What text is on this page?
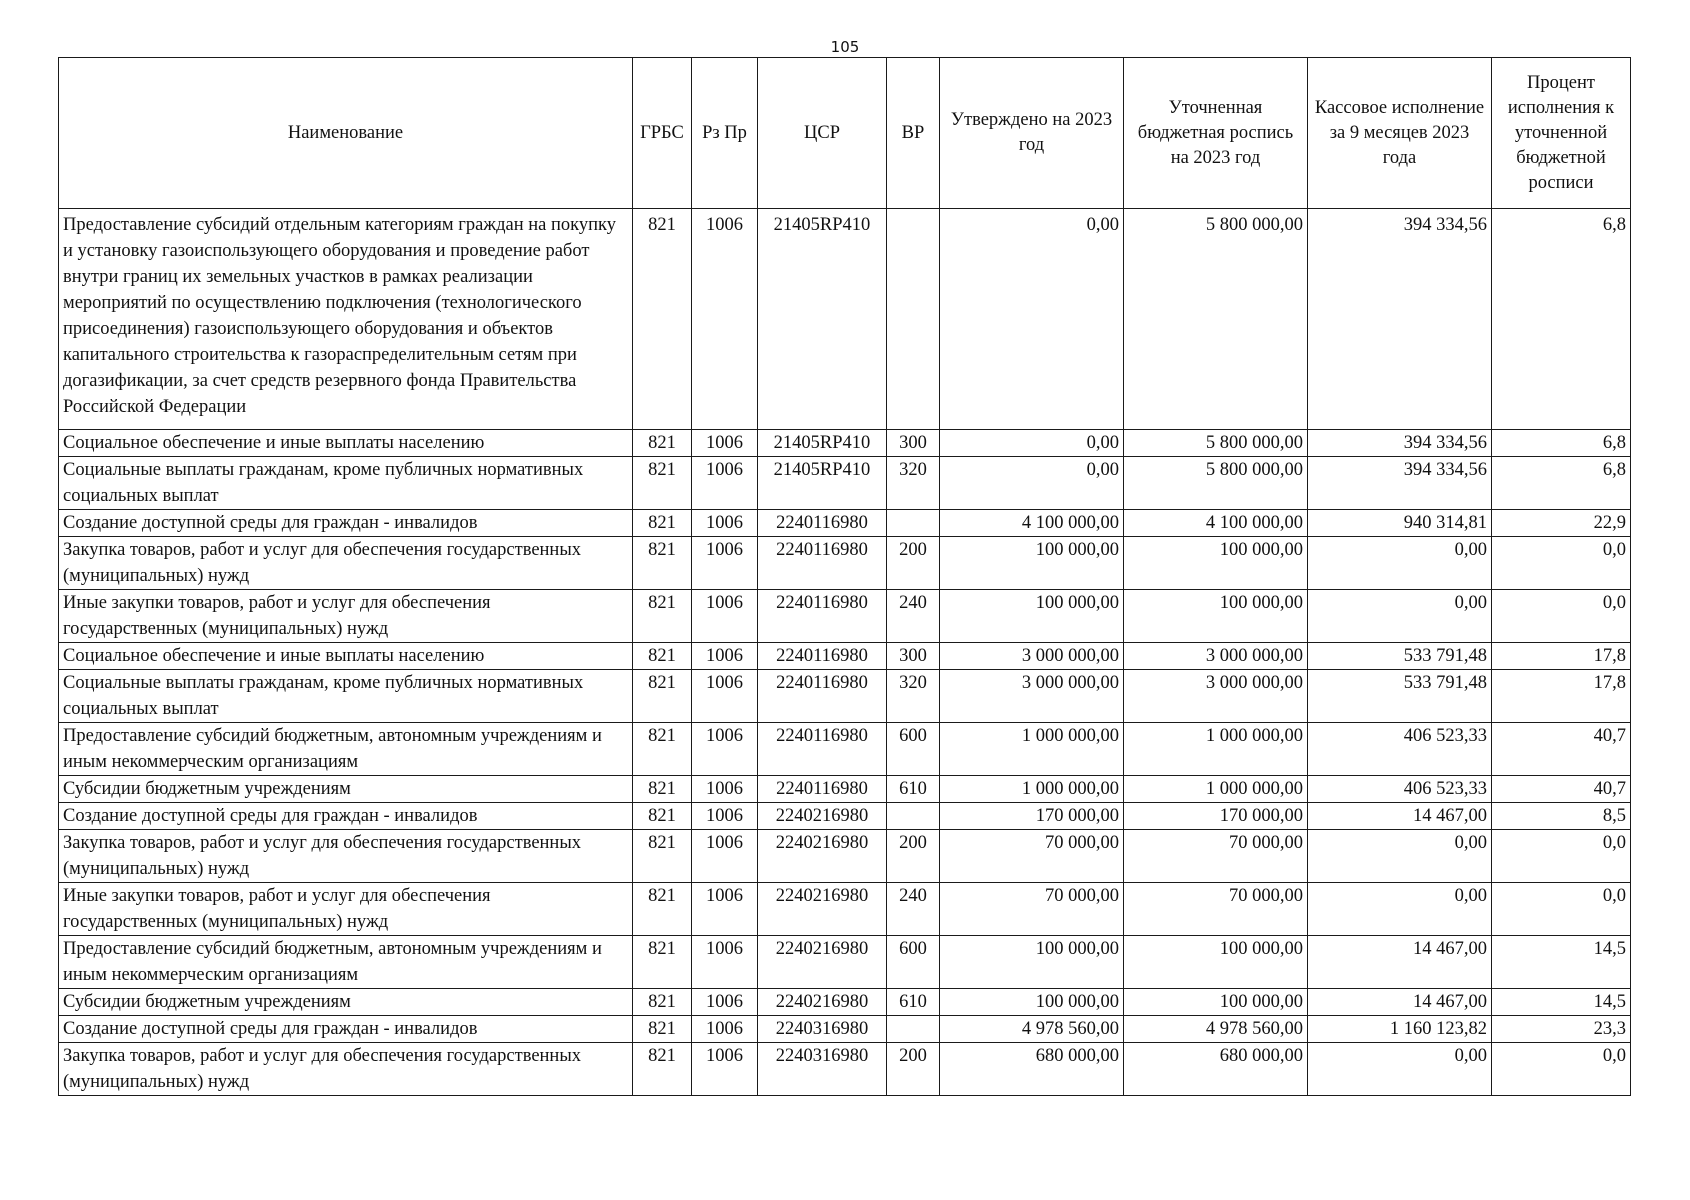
105
Наименование	ГРБС	Рз Пр	ЦСР	ВР	Утверждено на 2023 год	Уточненная бюджетная роспись на 2023 год	Кассовое исполнение за 9 месяцев 2023 года	Процент исполнения к уточненной бюджетной росписи
Предоставление субсидий отдельным категориям граждан на покупку и установку газоиспользующего оборудования и проведение работ внутри границ их земельных участков в рамках реализации мероприятий по осуществлению подключения (технологического присоединения) газоиспользующего оборудования и объектов капитального строительства к газораспределительным сетям при догазификации, за счет средств резервного фонда Правительства Российской Федерации	821	1006	21405RP410		0,00	5 800 000,00	394 334,56	6,8
Социальное обеспечение и иные выплаты населению	821	1006	21405RP410	300	0,00	5 800 000,00	394 334,56	6,8
Социальные выплаты гражданам, кроме публичных нормативных социальных выплат	821	1006	21405RP410	320	0,00	5 800 000,00	394 334,56	6,8
Создание доступной среды для граждан - инвалидов	821	1006	2240116980		4 100 000,00	4 100 000,00	940 314,81	22,9
Закупка товаров, работ и услуг для обеспечения государственных (муниципальных) нужд	821	1006	2240116980	200	100 000,00	100 000,00	0,00	0,0
Иные закупки товаров, работ и услуг для обеспечения государственных (муниципальных) нужд	821	1006	2240116980	240	100 000,00	100 000,00	0,00	0,0
Социальное обеспечение и иные выплаты населению	821	1006	2240116980	300	3 000 000,00	3 000 000,00	533 791,48	17,8
Социальные выплаты гражданам, кроме публичных нормативных социальных выплат	821	1006	2240116980	320	3 000 000,00	3 000 000,00	533 791,48	17,8
Предоставление субсидий бюджетным, автономным учреждениям и иным некоммерческим организациям	821	1006	2240116980	600	1 000 000,00	1 000 000,00	406 523,33	40,7
Субсидии бюджетным учреждениям	821	1006	2240116980	610	1 000 000,00	1 000 000,00	406 523,33	40,7
Создание доступной среды для граждан - инвалидов	821	1006	2240216980		170 000,00	170 000,00	14 467,00	8,5
Закупка товаров, работ и услуг для обеспечения государственных (муниципальных) нужд	821	1006	2240216980	200	70 000,00	70 000,00	0,00	0,0
Иные закупки товаров, работ и услуг для обеспечения государственных (муниципальных) нужд	821	1006	2240216980	240	70 000,00	70 000,00	0,00	0,0
Предоставление субсидий бюджетным, автономным учреждениям и иным некоммерческим организациям	821	1006	2240216980	600	100 000,00	100 000,00	14 467,00	14,5
Субсидии бюджетным учреждениям	821	1006	2240216980	610	100 000,00	100 000,00	14 467,00	14,5
Создание доступной среды для граждан - инвалидов	821	1006	2240316980		4 978 560,00	4 978 560,00	1 160 123,82	23,3
Закупка товаров, работ и услуг для обеспечения государственных (муниципальных) нужд	821	1006	2240316980	200	680 000,00	680 000,00	0,00	0,0
